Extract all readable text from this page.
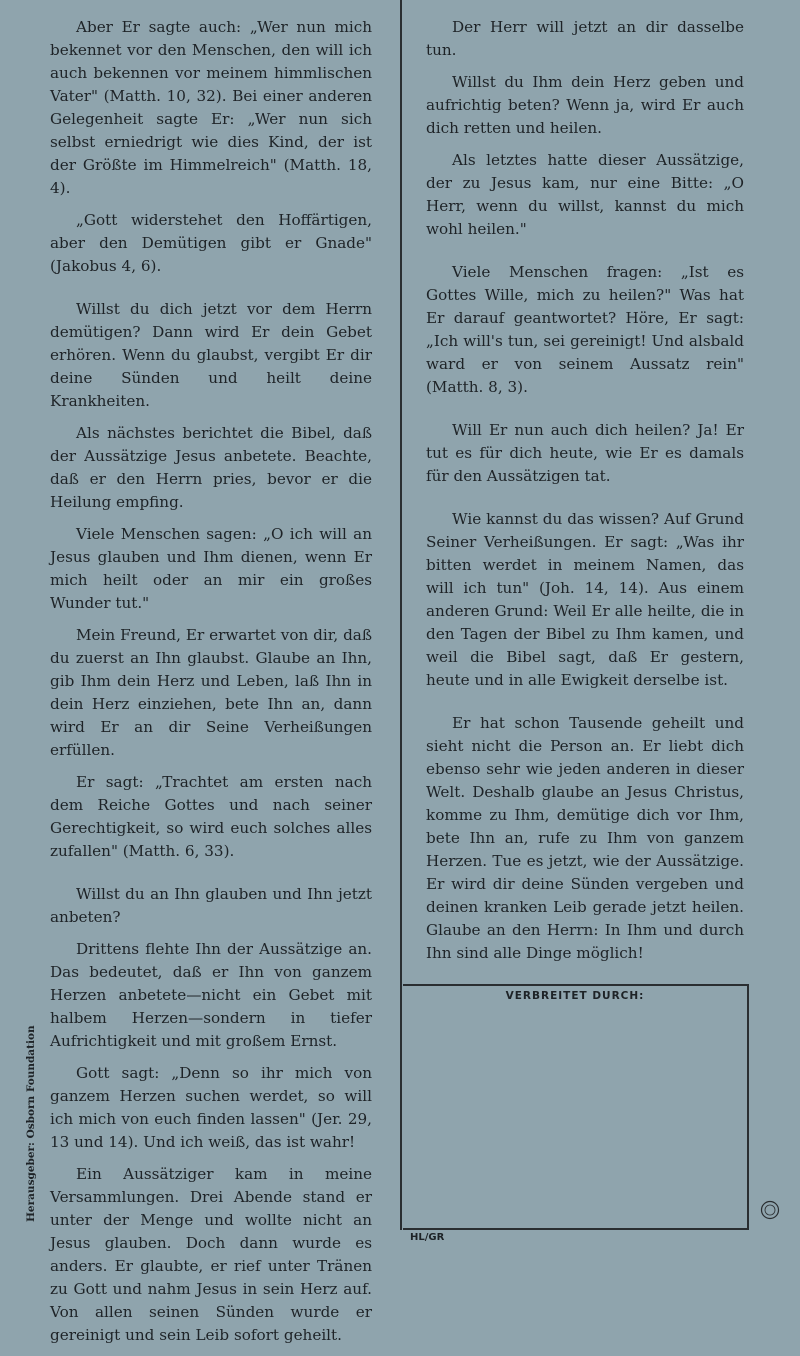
Aber Er sagte auch: „Wer nun mich bekennet vor den Menschen, den will ich auch bekennen vor meinem himmlischen Vater" (Matth. 10, 32). Bei einer anderen Gelegenheit sagte Er: „Wer nun sich selbst erniedrigt wie dies Kind, der ist der Größte im Himmelreich" (Matth. 18, 4).

„Gott widerstehet den Hoffärtigen, aber den Demütigen gibt er Gnade" (Jakobus 4, 6).

Willst du dich jetzt vor dem Herrn demütigen? Dann wird Er dein Gebet erhören. Wenn du glaubst, vergibt Er dir deine Sünden und heilt deine Krankheiten.

Als nächstes berichtet die Bibel, daß der Aussätzige Jesus anbetete. Beachte, daß er den Herrn pries, bevor er die Heilung empfing.

Viele Menschen sagen: „O ich will an Jesus glauben und Ihm dienen, wenn Er mich heilt oder an mir ein großes Wunder tut."

Mein Freund, Er erwartet von dir, daß du zuerst an Ihn glaubst. Glaube an Ihn, gib Ihm dein Herz und Leben, laß Ihn in dein Herz einziehen, bete Ihn an, dann wird Er an dir Seine Verheißungen erfüllen.

Er sagt: „Trachtet am ersten nach dem Reiche Gottes und nach seiner Gerechtigkeit, so wird euch solches alles zufallen" (Matth. 6, 33).

Willst du an Ihn glauben und Ihn jetzt anbeten?

Drittens flehte Ihn der Aussätzige an. Das bedeutet, daß er Ihn von ganzem Herzen anbetete—nicht ein Gebet mit halbem Herzen—sondern in tiefer Aufrichtigkeit und mit großem Ernst.

Gott sagt: „Denn so ihr mich von ganzem Herzen suchen werdet, so will ich mich von euch finden lassen" (Jer. 29, 13 und 14). Und ich weiß, das ist wahr!

Ein Aussätziger kam in meine Versammlungen. Drei Abende stand er unter der Menge und wollte nicht an Jesus glauben. Doch dann wurde es anders. Er glaubte, er rief unter Tränen zu Gott und nahm Jesus in sein Herz auf. Von allen seinen Sünden wurde er gereinigt und sein Leib sofort geheilt.

Der Herr will jetzt an dir dasselbe tun.

Willst du Ihm dein Herz geben und aufrichtig beten? Wenn ja, wird Er auch dich retten und heilen.

Als letztes hatte dieser Aussätzige, der zu Jesus kam, nur eine Bitte: „O Herr, wenn du willst, kannst du mich wohl heilen."

Viele Menschen fragen: „Ist es Gottes Wille, mich zu heilen?" Was hat Er darauf geantwortet? Höre, Er sagt: „Ich will's tun, sei gereinigt! Und alsbald ward er von seinem Aussatz rein" (Matth. 8, 3).

Will Er nun auch dich heilen? Ja! Er tut es für dich heute, wie Er es damals für den Aussätzigen tat.

Wie kannst du das wissen? Auf Grund Seiner Verheißungen. Er sagt: „Was ihr bitten werdet in meinem Namen, das will ich tun" (Joh. 14, 14). Aus einem anderen Grund: Weil Er alle heilte, die in den Tagen der Bibel zu Ihm kamen, und weil die Bibel sagt, daß Er gestern, heute und in alle Ewigkeit derselbe ist.

Er hat schon Tausende geheilt und sieht nicht die Person an. Er liebt dich ebenso sehr wie jeden anderen in dieser Welt. Deshalb glaube an Jesus Christus, komme zu Ihm, demütige dich vor Ihm, bete Ihn an, rufe zu Ihm von ganzem Herzen. Tue es jetzt, wie der Aussätzige. Er wird dir deine Sünden vergeben und deinen kranken Leib gerade jetzt heilen. Glaube an den Herrn: In Ihm und durch Ihn sind alle Dinge möglich!

VERBREITET DURCH:
Herausgeber: Osborn Foundation
HL/GR
